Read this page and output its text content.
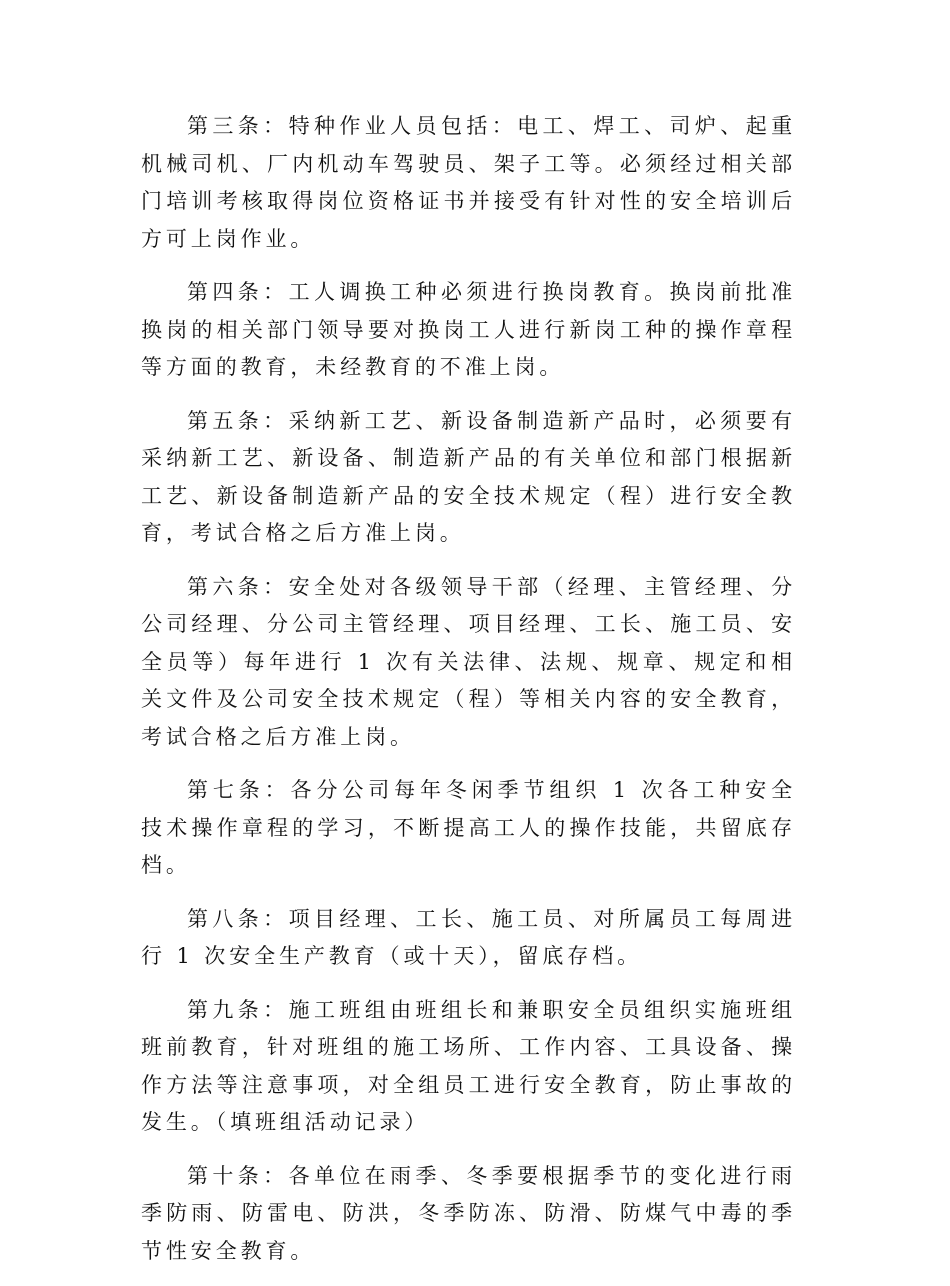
第三条：特种作业人员包括：电工、焊工、司炉、起重机械司机、厂内机动车驾驶员、架子工等。必须经过相关部门培训考核取得岗位资格证书并接受有针对性的安全培训后方可上岗作业。

第四条：工人调换工种必须进行换岗教育。换岗前批准换岗的相关部门领导要对换岗工人进行新岗工种的操作章程等方面的教育，未经教育的不准上岗。

第五条：采纳新工艺、新设备制造新产品时，必须要有采纳新工艺、新设备、制造新产品的有关单位和部门根据新工艺、新设备制造新产品的安全技术规定（程）进行安全教育，考试合格之后方准上岗。

第六条：安全处对各级领导干部（经理、主管经理、分公司经理、分公司主管经理、项目经理、工长、施工员、安全员等）每年进行 1 次有关法律、法规、规章、规定和相关文件及公司安全技术规定（程）等相关内容的安全教育，考试合格之后方准上岗。

第七条：各分公司每年冬闲季节组织 1 次各工种安全技术操作章程的学习，不断提高工人的操作技能，共留底存档。

第八条：项目经理、工长、施工员、对所属员工每周进行 1 次安全生产教育（或十天），留底存档。

第九条：施工班组由班组长和兼职安全员组织实施班组班前教育，针对班组的施工场所、工作内容、工具设备、操作方法等注意事项，对全组员工进行安全教育，防止事故的发生。（填班组活动记录）

第十条：各单位在雨季、冬季要根据季节的变化进行雨季防雨、防雷电、防洪，冬季防冻、防滑、防煤气中毒的季节性安全教育。
